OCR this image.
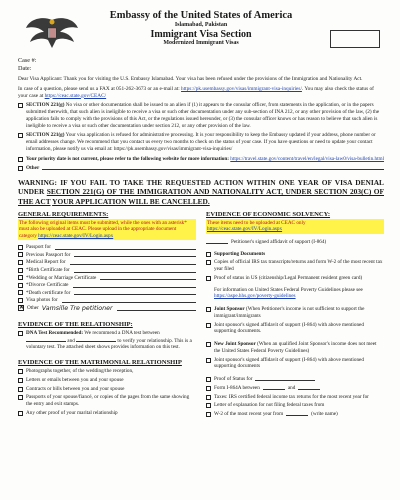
Embassy of the United States of America
Islamabad, Pakistan
Immigrant Visa Section
Modernized Immigrant Visas
Case #:
Date:

Dear Visa Applicant: Thank you for visiting the U.S. Embassy Islamabad. Your visa has been refused under the provisions of the Immigration and Nationality Act.

In case of a question, please send us a FAX at 051-262-3673 or an e-mail at: https://pk.usembassy.gov/visas/immigrant-visa-inquiries/. You may also check the status of your case at https://ceac.state.gov/CEAC/

SECTION 221(g) No visa or other documentation shall be issued to an alien if (1) it appears to the consular officer, from statements in the application, or in the papers submitted therewith, that such alien is ineligible to receive a visa or such other documentation under any sub-section of INA 212, or any other provision of the law, (2) the application fails to comply with the provisions of this Act, or the regulations issued hereunder, or (3) the consular officer knows or has reason to believe that such alien is ineligible to receive a visa or such other documentation under section 212, or any other provision of the law.
SECTION 221(g) Your visa application is refused for administrative processing. It is your responsibility to keep the Embassy updated if your address, phone number or email addresses change. We recommend that you contact us every two months to check on the status of your case. If you have questions or need to update your contact information, please notify us via email at: https://pk.usembassy.gov/visas/immigrant-visa-inquiries/
Your priority date is not current, please refer to the following website for more information: https://travel.state.gov/content/travel/en/legal/visa-law0/visa-bulletin.html
Other
WARNING: IF YOU FAIL TO TAKE THE REQUESTED ACTION WITHIN ONE YEAR OF VISA DENIAL UNDER SECTION 221(G) OF THE IMMIGRATION AND NATIONALITY ACT, UNDER SECTION 203(C) OF THE ACT YOUR APPLICATION WILL BE CANCELLED.
GENERAL REQUIREMENTS:
The following original items must be submitted, while the ones with an asterisk* must also be uploaded at CEAC. Please upload in the appropriate document category https://ceac.state.gov/IV/Login.aspx
Passport for
Previous Passport for
Medical Report for
*Birth Certificate for
*Wedding or Marriage Certificate
*Divorce Certificate
*Death certificate for
Visa photos for
✕ Other Vamsille Tre petitioner
EVIDENCE OF THE RELATIONSHIP:
DNA Test Recommended: We recommend a DNA test between  and	to verify your relationship. This is a voluntary test. The attached sheet shows provides information on this test.
EVIDENCE OF THE MATRIMONIAL RELATIONSHIP
Photographs together, of the wedding/the reception,
Letters or emails between you and your spouse
Contracts or bills between you and your spouse
Passports of your spouse/fiancé, or copies of the pages from the same showing the entry and exit stamps.
Any other proof of your marital relationship
EVIDENCE OF ECONOMIC SOLVENCY:
These items need to be uploaded at CEAC only
https://ceac.state.gov/IV/Login.aspx
Petitioner's signed affidavit of support (I-864)
Supporting Documents
Copies of official IRS tax transcripts/returns and form W-2 of the most recent tax year filed
Proof of status in US (citizenship/Legal Permanent resident green card)
For information on United States Federal Poverty Guidelines please see https://aspe.hhs.gov/poverty-guidelines
Joint Sponsor (When Petitioner's income is not sufficient to support the immigrant/immigrants
Joint sponsor's signed affidavit of support (I-864) with above mentioned supporting documents.
New Joint Sponsor (When an qualified Joint Sponsor's income does not meet the United States Federal Poverty Guidelines)
Joint sponsor's signed affidavit of support (I-864) with above mentioned supporting documents
Proof of Status for
Form I-864A between	and
Taxes: IRS certified federal income tax returns for the most recent year for
Letter of explanation for not filing federal taxes from
W-2 of the most recent year from	(write name)
